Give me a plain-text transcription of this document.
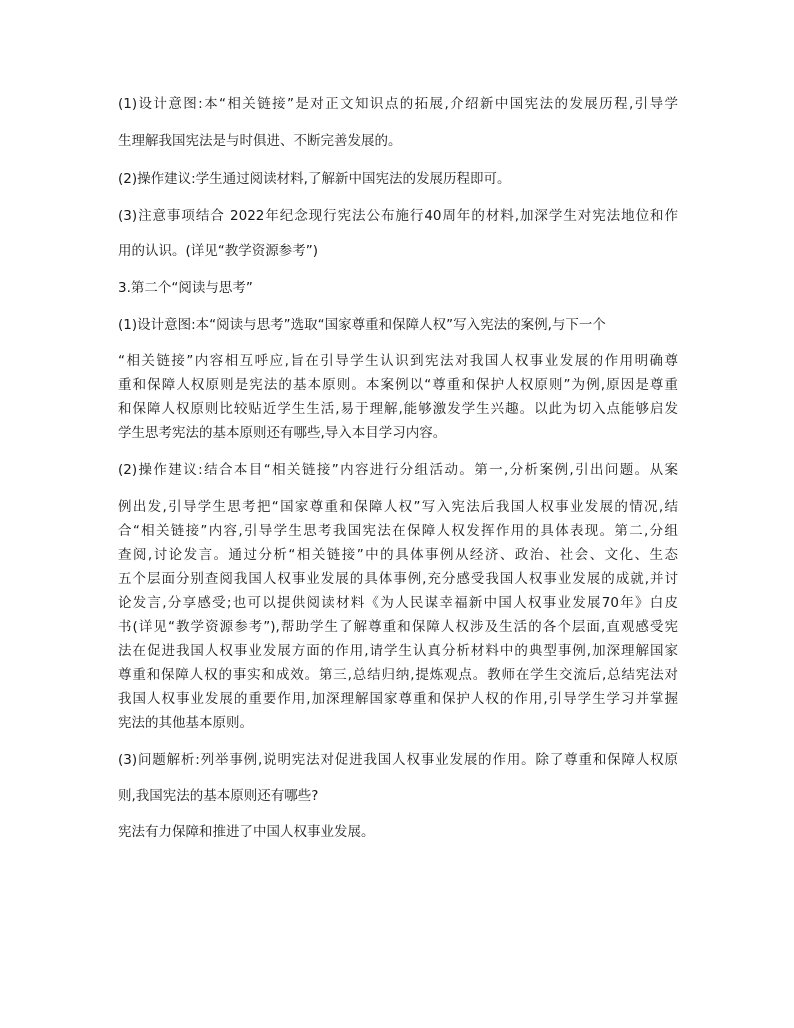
(1)设计意图:本“相关链接”是对正文知识点的拓展,介绍新中国宪法的发展历程,引导学
生理解我国宪法是与时俱进、不断完善发展的。
(2)操作建议:学生通过阅读材料,了解新中国宪法的发展历程即可。
(3)注意事项结合 2022年纪念现行宪法公布施行40周年的材料,加深学生对宪法地位和作
用的认识。(详见“教学资源参考”)
3.第二个“阅读与思考”
(1)设计意图:本“阅读与思考”选取“国家尊重和保障人权”写入宪法的案例,与下一个
“相关链接”内容相互呼应,旨在引导学生认识到宪法对我国人权事业发展的作用明确尊
重和保障人权原则是宪法的基本原则。本案例以“尊重和保护人权原则”为例,原因是尊重
和保障人权原则比较贴近学生生活,易于理解,能够激发学生兴趣。以此为切入点能够启发
学生思考宪法的基本原则还有哪些,导入本目学习内容。
(2)操作建议:结合本目“相关链接”内容进行分组活动。第一,分析案例,引出问题。从案
例出发,引导学生思考把“国家尊重和保障人权”写入宪法后我国人权事业发展的情况,结
合“相关链接”内容,引导学生思考我国宪法在保障人权发挥作用的具体表现。第二,分组
查阅,讨论发言。通过分析“相关链接”中的具体事例从经济、政治、社会、文化、生态
五个层面分别查阅我国人权事业发展的具体事例,充分感受我国人权事业发展的成就,并讨
论发言,分享感受;也可以提供阅读材料《为人民谋幸福新中国人权事业发展70年》白皮
书(详见“教学资源参考”),帮助学生了解尊重和保障人权涉及生活的各个层面,直观感受宪
法在促进我国人权事业发展方面的作用,请学生认真分析材料中的典型事例,加深理解国家
尊重和保障人权的事实和成效。第三,总结归纳,提炼观点。教师在学生交流后,总结宪法对
我国人权事业发展的重要作用,加深理解国家尊重和保护人权的作用,引导学生学习并掌握
宪法的其他基本原则。
(3)问题解析:列举事例,说明宪法对促进我国人权事业发展的作用。除了尊重和保障人权原
则,我国宪法的基本原则还有哪些?
宪法有力保障和推进了中国人权事业发展。
